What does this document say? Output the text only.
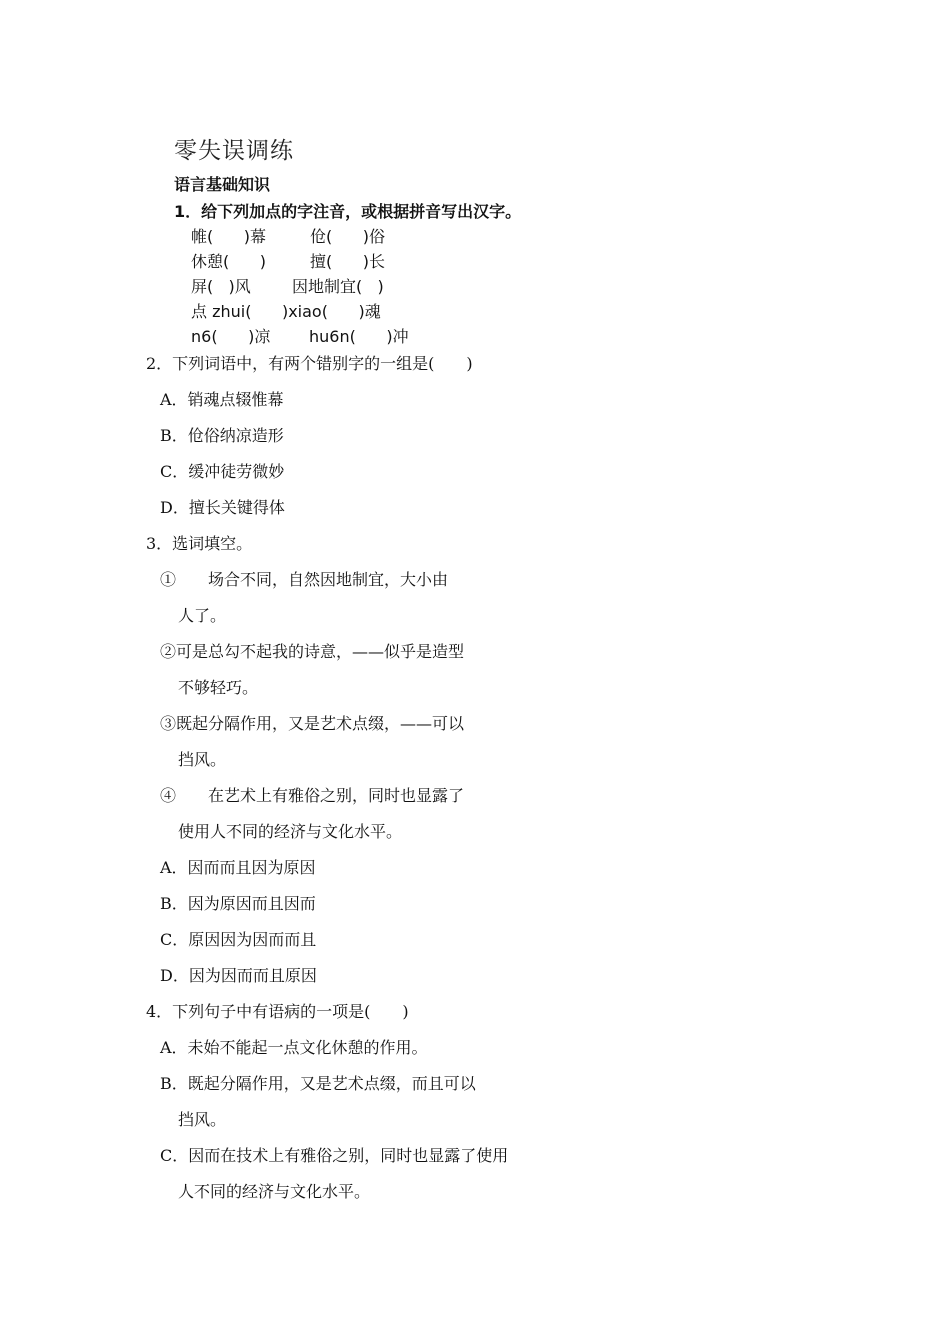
零失误调练
语言基础知识
1．给下列加点的字注音，或根据拼音写出汉字。
帷(      )幕	伧(      )俗
休憩(      )	擅(      )长
屏(   )风	因地制宜(   )
点 zhui(      )xiao(      )魂
n6(      )凉 hu6n(      )冲
2．下列词语中，有两个错别字的一组是(　　)
A．销魂点辍惟幕
B．伧俗纳凉造形
C．缓冲徒劳微妙
D．擅长关键得体
3．选词填空。
①　　场合不同，自然因地制宜，大小由
人了。
②可是总勾不起我的诗意，——似乎是造型
不够轻巧。
③既起分隔作用，又是艺术点缀，——可以
挡风。
④　　在艺术上有雅俗之别，同时也显露了
使用人不同的经济与文化水平。
A．因而而且因为原因
B．因为原因而且因而
C．原因因为因而而且
D．因为因而而且原因
4．下列句子中有语病的一项是(　　)
A．未始不能起一点文化休憩的作用。
B．既起分隔作用，又是艺术点缀，而且可以
挡风。
C．因而在技术上有雅俗之别，同时也显露了使用
人不同的经济与文化水平。
